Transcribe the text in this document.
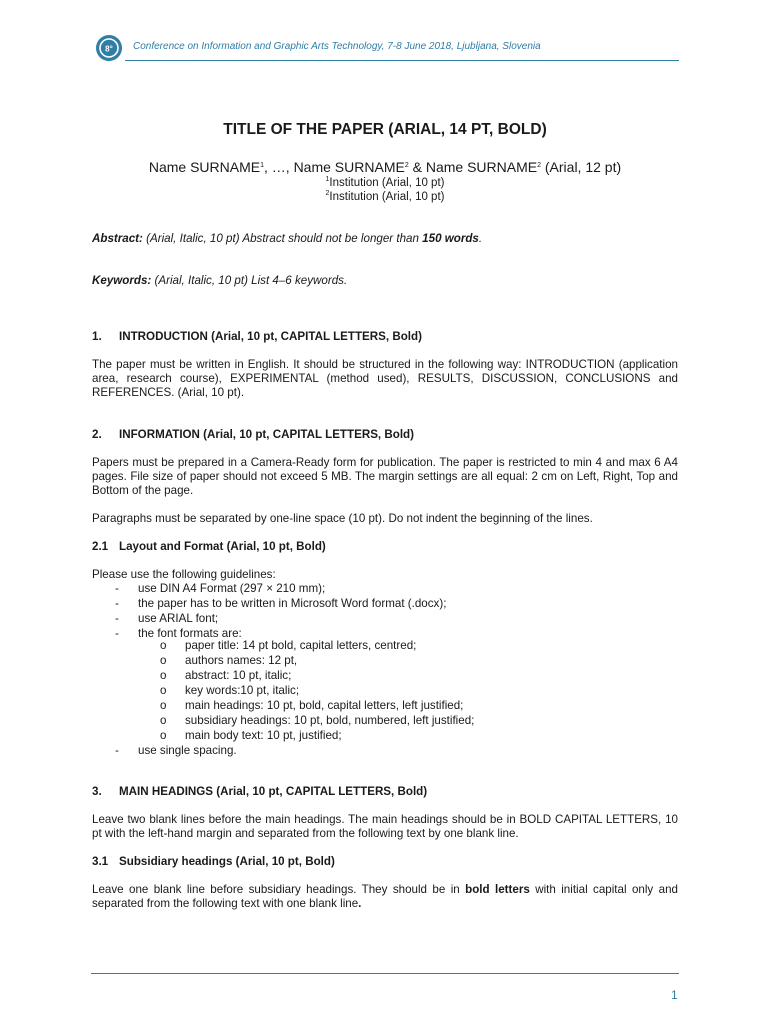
8° Conference on Information and Graphic Arts Technology, 7-8 June 2018, Ljubljana, Slovenia
TITLE OF THE PAPER (ARIAL, 14 PT, BOLD)
Name SURNAME$^1$, …, Name SURNAME$^2$ & Name SURNAME$^2$ (Arial, 12 pt)
$^1$Institution (Arial, 10 pt)
$^2$Institution (Arial, 10 pt)
Abstract: (Arial, Italic, 10 pt) Abstract should not be longer than 150 words.
Keywords: (Arial, Italic, 10 pt) List 4–6 keywords.
1. INTRODUCTION (Arial, 10 pt, CAPITAL LETTERS, Bold)
The paper must be written in English. It should be structured in the following way: INTRODUCTION (application area, research course), EXPERIMENTAL (method used), RESULTS, DISCUSSION, CONCLUSIONS and REFERENCES. (Arial, 10 pt).
2. INFORMATION (Arial, 10 pt, CAPITAL LETTERS, Bold)
Papers must be prepared in a Camera-Ready form for publication. The paper is restricted to min 4 and max 6 A4 pages. File size of paper should not exceed 5 MB. The margin settings are all equal: 2 cm on Left, Right, Top and Bottom of the page.
Paragraphs must be separated by one-line space (10 pt). Do not indent the beginning of the lines.
2.1 Layout and Format (Arial, 10 pt, Bold)
Please use the following guidelines:
- use DIN A4 Format (297 × 210 mm);
- the paper has to be written in Microsoft Word format (.docx);
- use ARIAL font;
- the font formats are:
o paper title: 14 pt bold, capital letters, centred;
o authors names: 12 pt,
o abstract: 10 pt, italic;
o key words:10 pt, italic;
o main headings: 10 pt, bold, capital letters, left justified;
o subsidiary headings: 10 pt, bold, numbered, left justified;
o main body text: 10 pt, justified;
- use single spacing.
3. MAIN HEADINGS (Arial, 10 pt, CAPITAL LETTERS, Bold)
Leave two blank lines before the main headings. The main headings should be in BOLD CAPITAL LETTERS, 10 pt with the left-hand margin and separated from the following text by one blank line.
3.1 Subsidiary headings (Arial, 10 pt, Bold)
Leave one blank line before subsidiary headings. They should be in bold letters with initial capital only and separated from the following text with one blank line.
1
